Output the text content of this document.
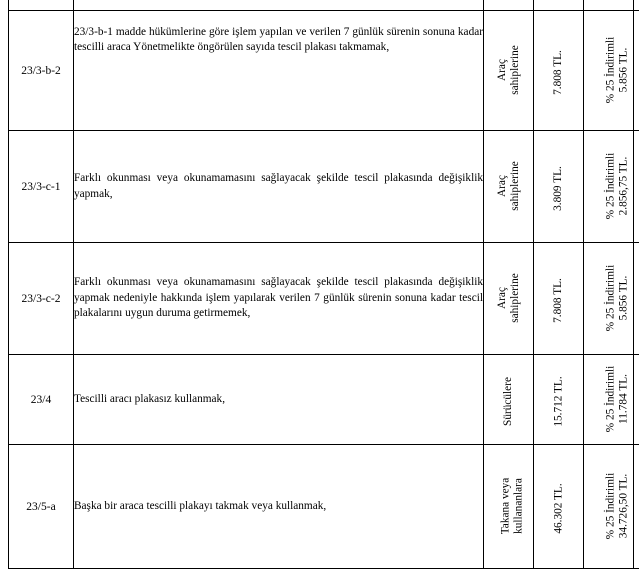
23/3-b-2	23/3-b-1 madde hükümlerine göre işlem yapılan ve verilen 7 günlük sürenin sonuna kadar tescilli araca Yönetmelikte öngörülen sayıda tescil plakası takmamak,	Araç sahiplerine	7.808 TL.	% 25 İndirimli 5.856 TL.	

23/3-c-1	Farklı okunması veya okunamamasını sağlayacak şekilde tescil plakasında değişiklik yapmak,	Araç sahiplerine	3.809 TL.	% 25 İndirimli 2.856,75 TL.	

23/3-c-2	Farklı okunması veya okunamamasını sağlayacak şekilde tescil plakasında değişiklik yapmak nedeniyle hakkında işlem yapılarak verilen 7 günlük sürenin sonuna kadar tescil plakalarını uygun duruma getirmemek,	Araç sahiplerine	7.808 TL.	% 25 İndirimli 5.856 TL.	

23/4	Tescilli aracı plakasız kullanmak,	Sürücülere	15.712 TL.	% 25 İndirimli 11.784 TL.	

23/5-a	Başka bir araca tescilli plakayı takmak veya kullanmak,	Takana veya kullananlara	46.302 TL.	% 25 İndirimli 34.726,50 TL.	
